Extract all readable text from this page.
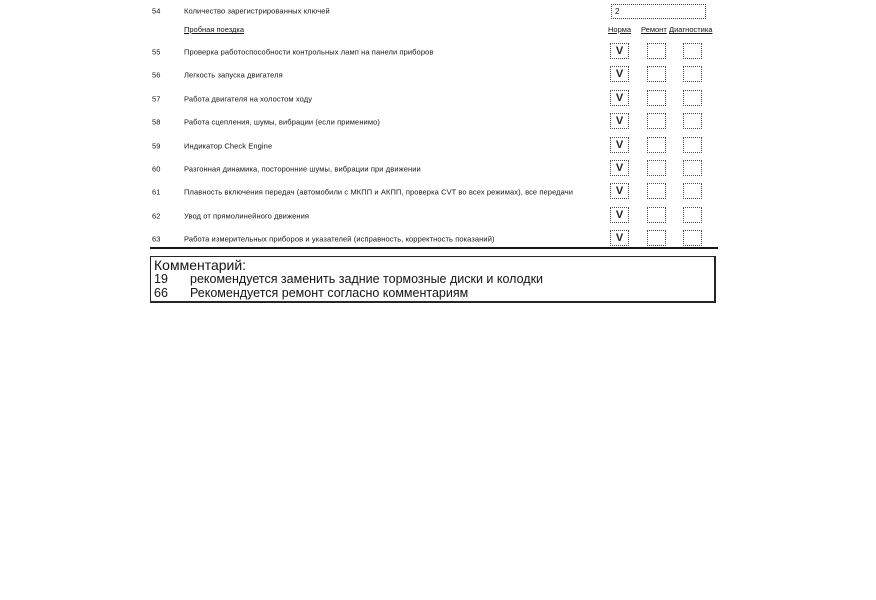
54	Количество зарегистрированных ключей	2
Пробная поездка	Норма Ремонт Диагностика
55	Проверка работоспособности контрольных ламп на панели приборов	V
56	Легкость запуска двигателя	V
57	Работа двигателя на холостом ходу	V
58	Работа сцепления, шумы, вибрации (если применимо)	V
59	Индикатор Check Engine	V
60	Разгонная динамика, посторонние шумы, вибрации при движении	V
61	Плавность включения передач (автомобили с МКПП и АКПП, проверка CVT во всех режимах), все передачи	V
62	Увод от прямолинейного движения	V
63	Работа измерительных приборов и указателей (исправность, корректность показаний)	V
Комментарий:
19	рекомендуется заменить задние тормозные диски и колодки
66	Рекомендуется ремонт согласно комментариям
